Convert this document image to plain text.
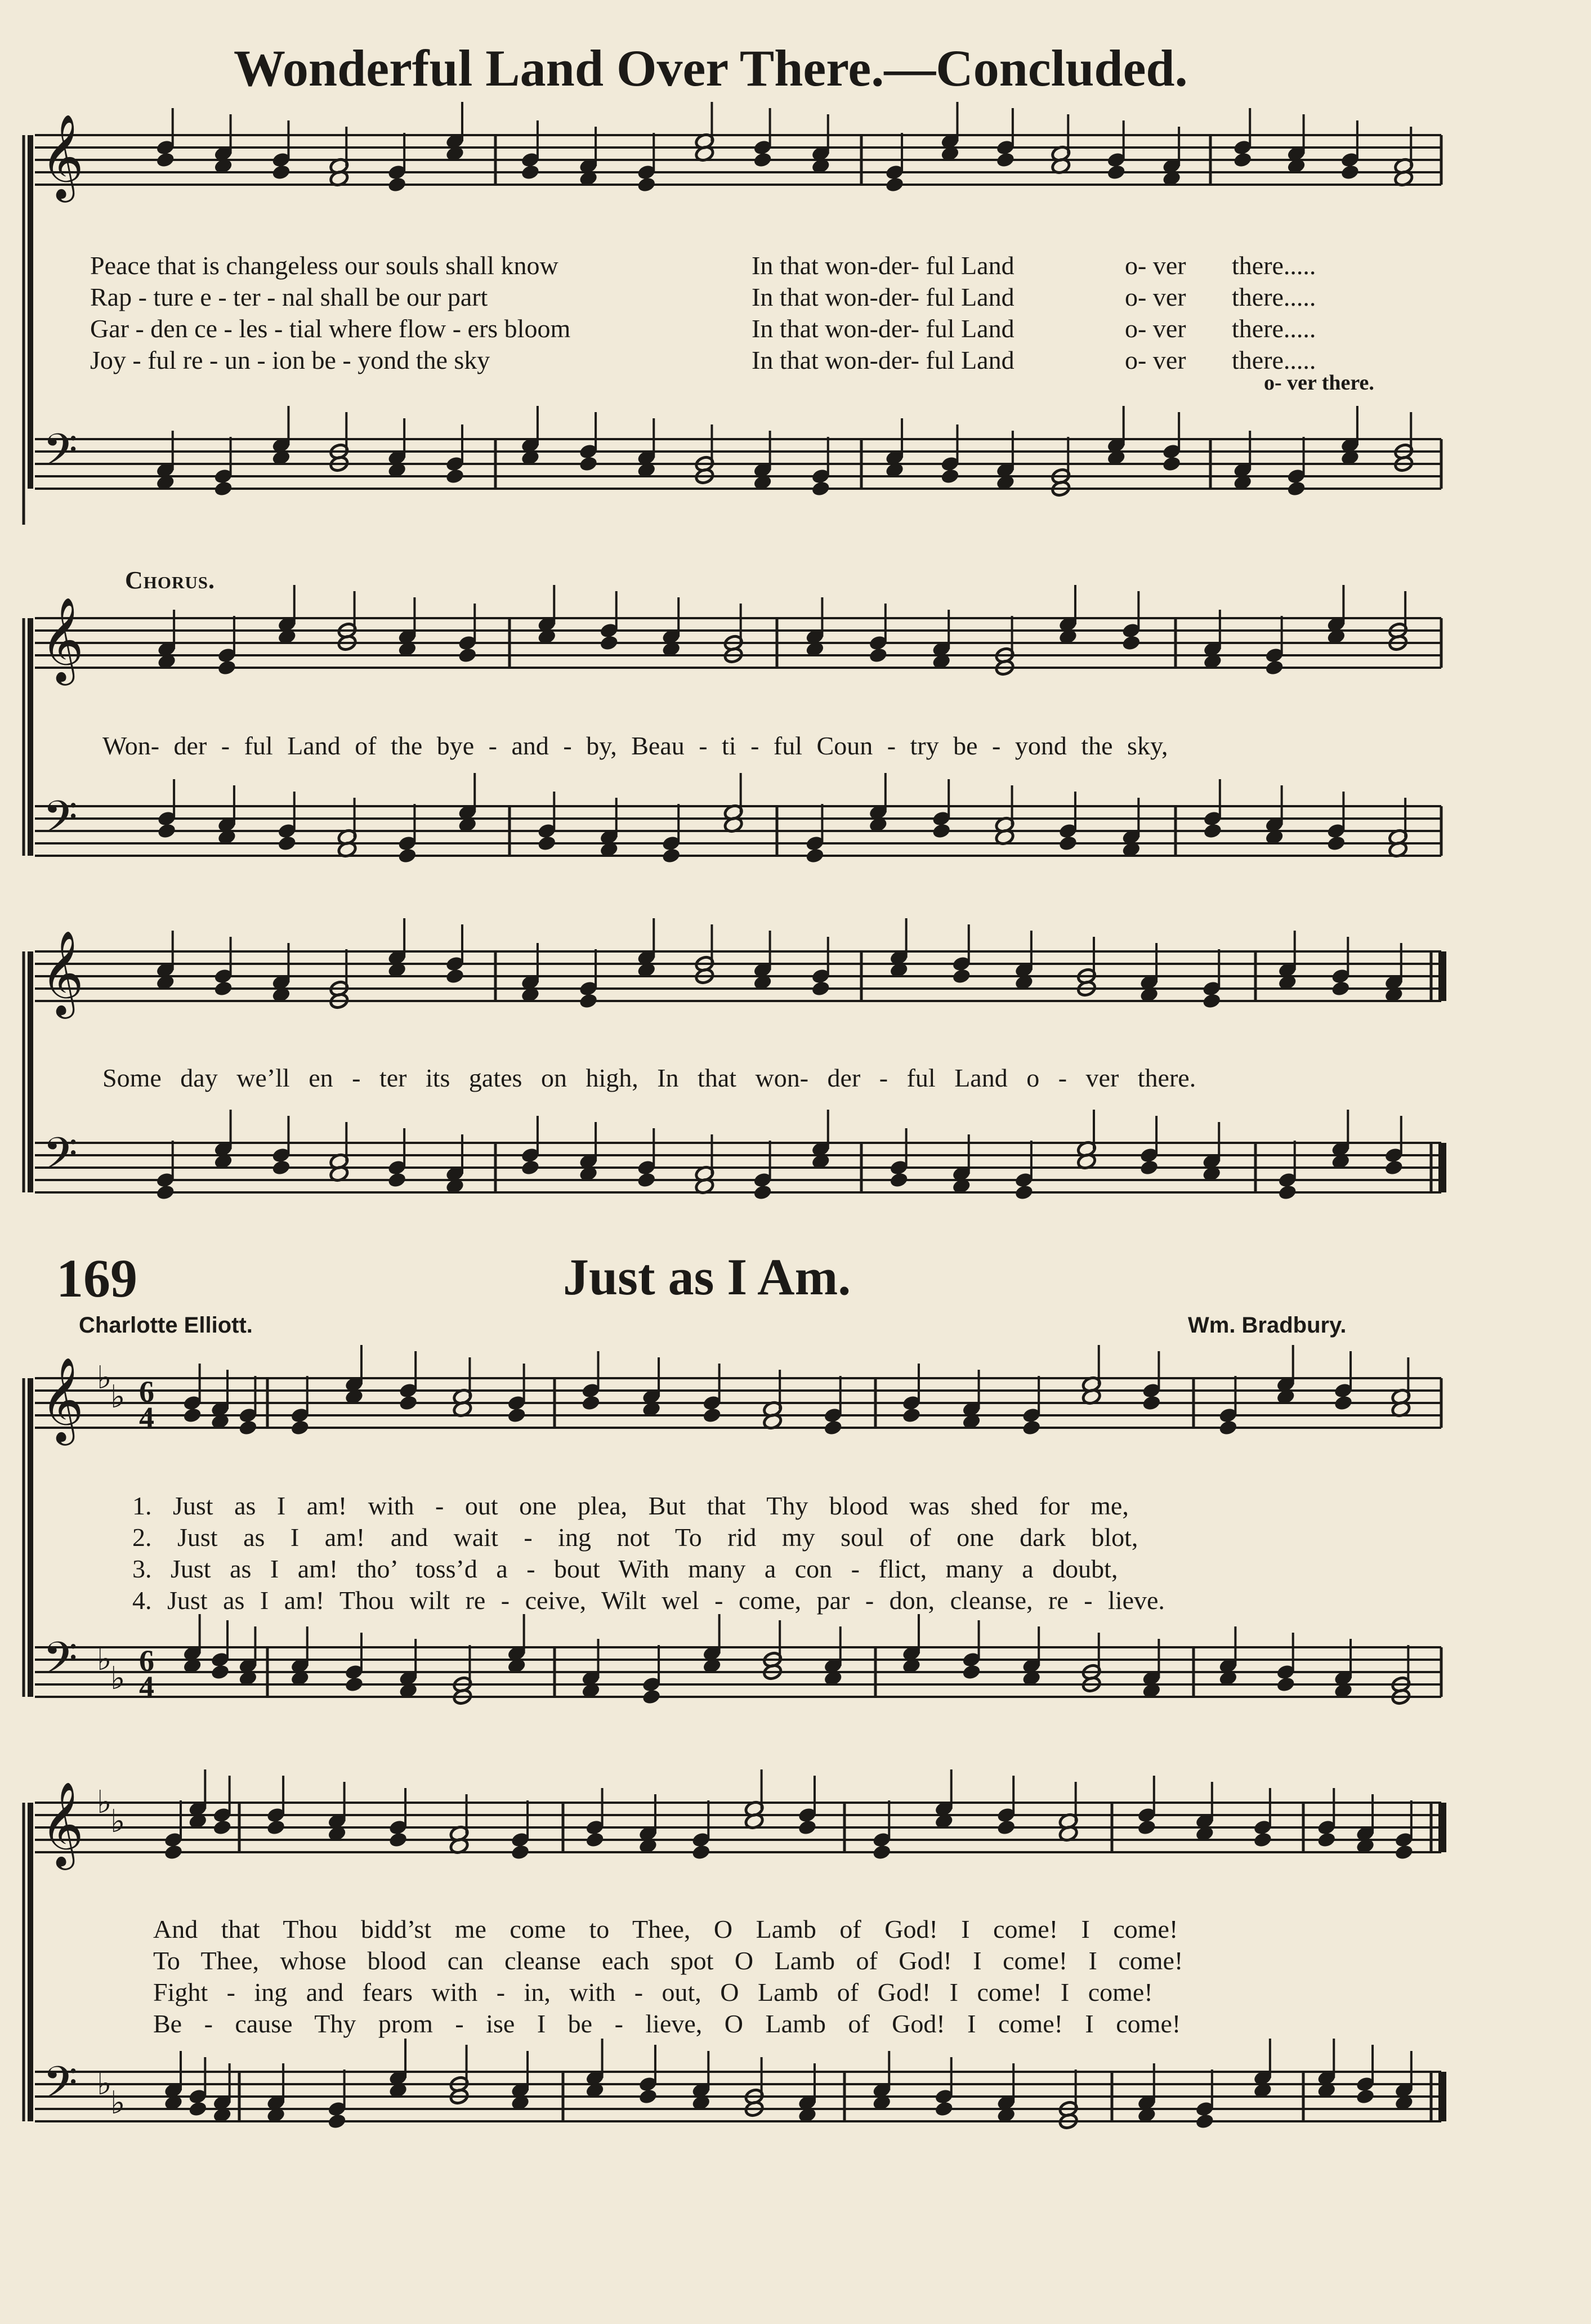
Wonderful Land Over There.—Concluded.
Chorus.
169	Just as I Am.
Charlotte Elliott.	Wm. Bradbury.
Peace that is changeless our souls shall know	In that won-der- ful Land	o- ver there.....
Rap - ture e - ter - nal shall be our part	In that won-der- ful Land	o- ver there.....
Gar - den ce - les - tial where flow - ers bloom	In that won-der- ful Land	o- ver there.....
Joy - ful re - un - ion be - yond the sky	In that won-der- ful Land	o- ver there.....
o- ver there.
Won- der - ful Land of the bye - and - by, Beau - ti - ful Coun - try be - yond the sky,
Some day we’ll en - ter its gates on high, In that won- der - ful Land o - ver there.
1. Just as I am! with - out one plea, But that Thy blood was shed for me,
2. Just as I am! and wait - ing not To rid my soul of one dark blot,
3. Just as I am! tho’ toss’d a - bout With many a con - flict, many a doubt,
4. Just as I am! Thou wilt re - ceive, Wilt wel - come, par - don, cleanse, re - lieve.
And that Thou bidd’st me come to Thee, O Lamb of God! I come! I come!
To Thee, whose blood can cleanse each spot O Lamb of God! I come! I come!
Fight - ing and fears with - in, with - out, O Lamb of God! I come! I come!
Be - cause Thy prom - ise I be - lieve, O Lamb of God! I come! I come!
𝄞
𝄢
𝄞
𝄢
𝄞
𝄢
𝄞
𝄢
♭
♭
♭
♭
6
4
6
4
𝄞
𝄢
♭
♭
♭
♭
